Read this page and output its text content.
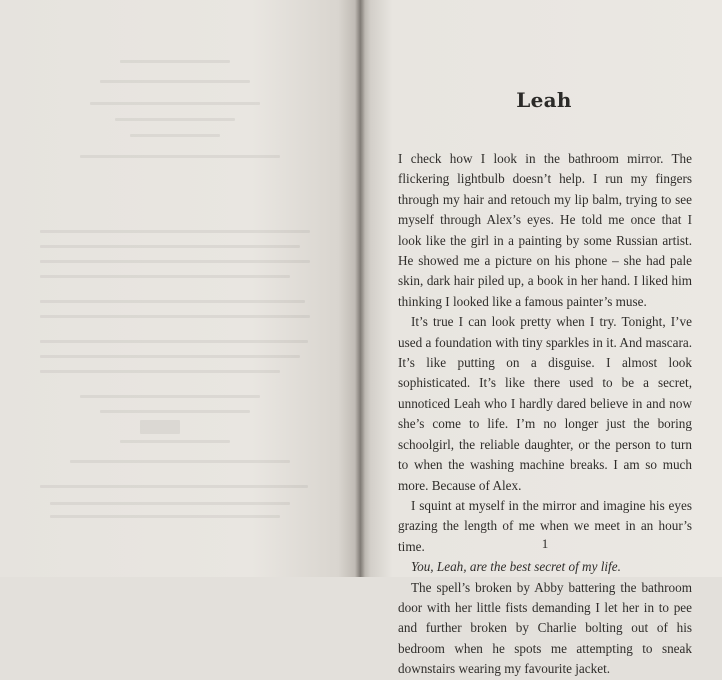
Leah

I check how I look in the bathroom mirror. The flickering lightbulb doesn’t help. I run my fingers through my hair and retouch my lip balm, trying to see myself through Alex’s eyes. He told me once that I look like the girl in a painting by some Russian artist. He showed me a picture on his phone – she had pale skin, dark hair piled up, a book in her hand. I liked him thinking I looked like a famous painter’s muse.

It’s true I can look pretty when I try. Tonight, I’ve used a foundation with tiny sparkles in it. And mascara. It’s like putting on a disguise. I almost look sophisticated. It’s like there used to be a secret, unnoticed Leah who I hardly dared believe in and now she’s come to life. I’m no longer just the boring schoolgirl, the reliable daughter, or the person to turn to when the washing machine breaks. I am so much more. Because of Alex.

I squint at myself in the mirror and imagine his eyes grazing the length of me when we meet in an hour’s time.

You, Leah, are the best secret of my life.

The spell’s broken by Abby battering the bathroom door with her little fists demanding I let her in to pee and further broken by Charlie bolting out of his bedroom when he spots me attempting to sneak downstairs wearing my favourite jacket.

1
